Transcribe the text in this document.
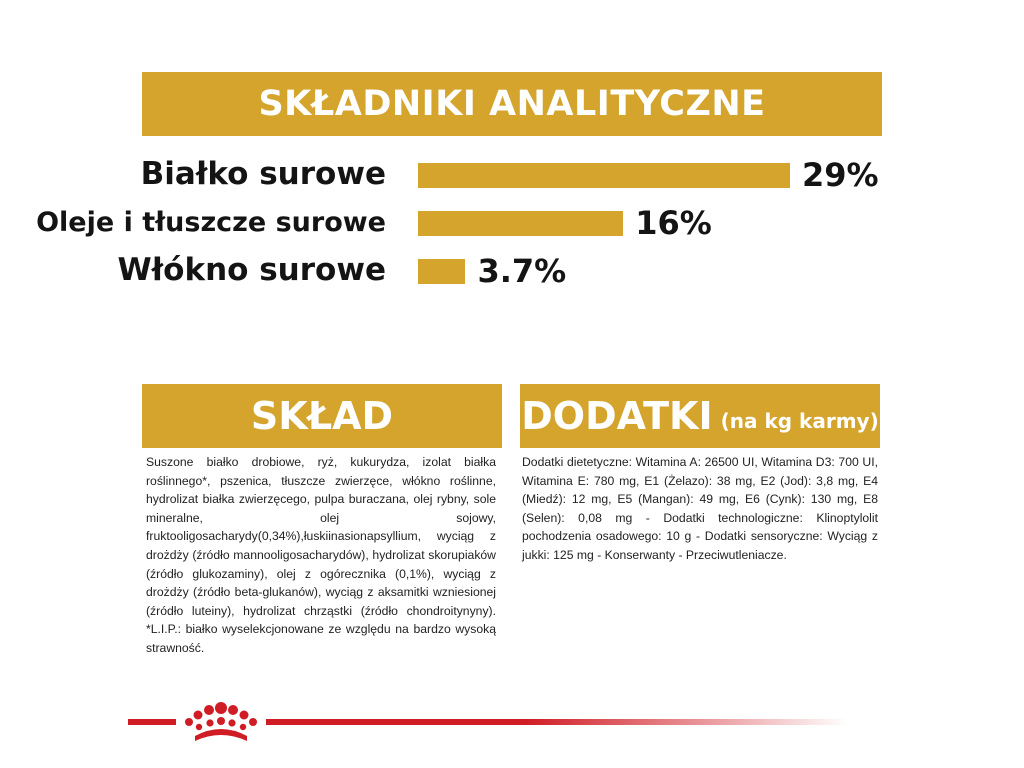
SKŁADNIKI ANALITYCZNE
Białko surowe	29%
Oleje i tłuszcze surowe	16%
Włókno surowe	3.7%
SKŁAD
Suszone białko drobiowe, ryż, kukurydza, izolat białka roślinnego*, pszenica, tłuszcze zwierzęce, włókno roślinne, hydrolizat białka zwierzęcego, pulpa buraczana, olej rybny, sole mineralne, olej sojowy, fruktooligosacharydy(0,34%),łuskiinasionapsyllium, wyciąg z drożdży (źródło mannooligosacharydów), hydrolizat skorupiaków (źródło glukozaminy), olej z ogórecznika (0,1%), wyciąg z drożdży (źródło beta-glukanów), wyciąg z aksamitki wzniesionej (źródło luteiny), hydrolizat chrząstki (źródło chondroitynyny). *L.I.P.: białko wyselekcjonowane ze względu na bardzo wysoką strawność.
DODATKI (na kg karmy)
Dodatki dietetyczne: Witamina A: 26500 UI, Witamina D3: 700 UI, Witamina E: 780 mg, E1 (Żelazo): 38 mg, E2 (Jod): 3,8 mg, E4 (Miedź): 12 mg, E5 (Mangan): 49 mg, E6 (Cynk): 130 mg, E8 (Selen): 0,08 mg - Dodatki technologiczne: Klinoptylolit pochodzenia osadowego: 10 g - Dodatki sensoryczne: Wyciąg z jukki: 125 mg - Konserwanty - Przeciwutleniacze.
